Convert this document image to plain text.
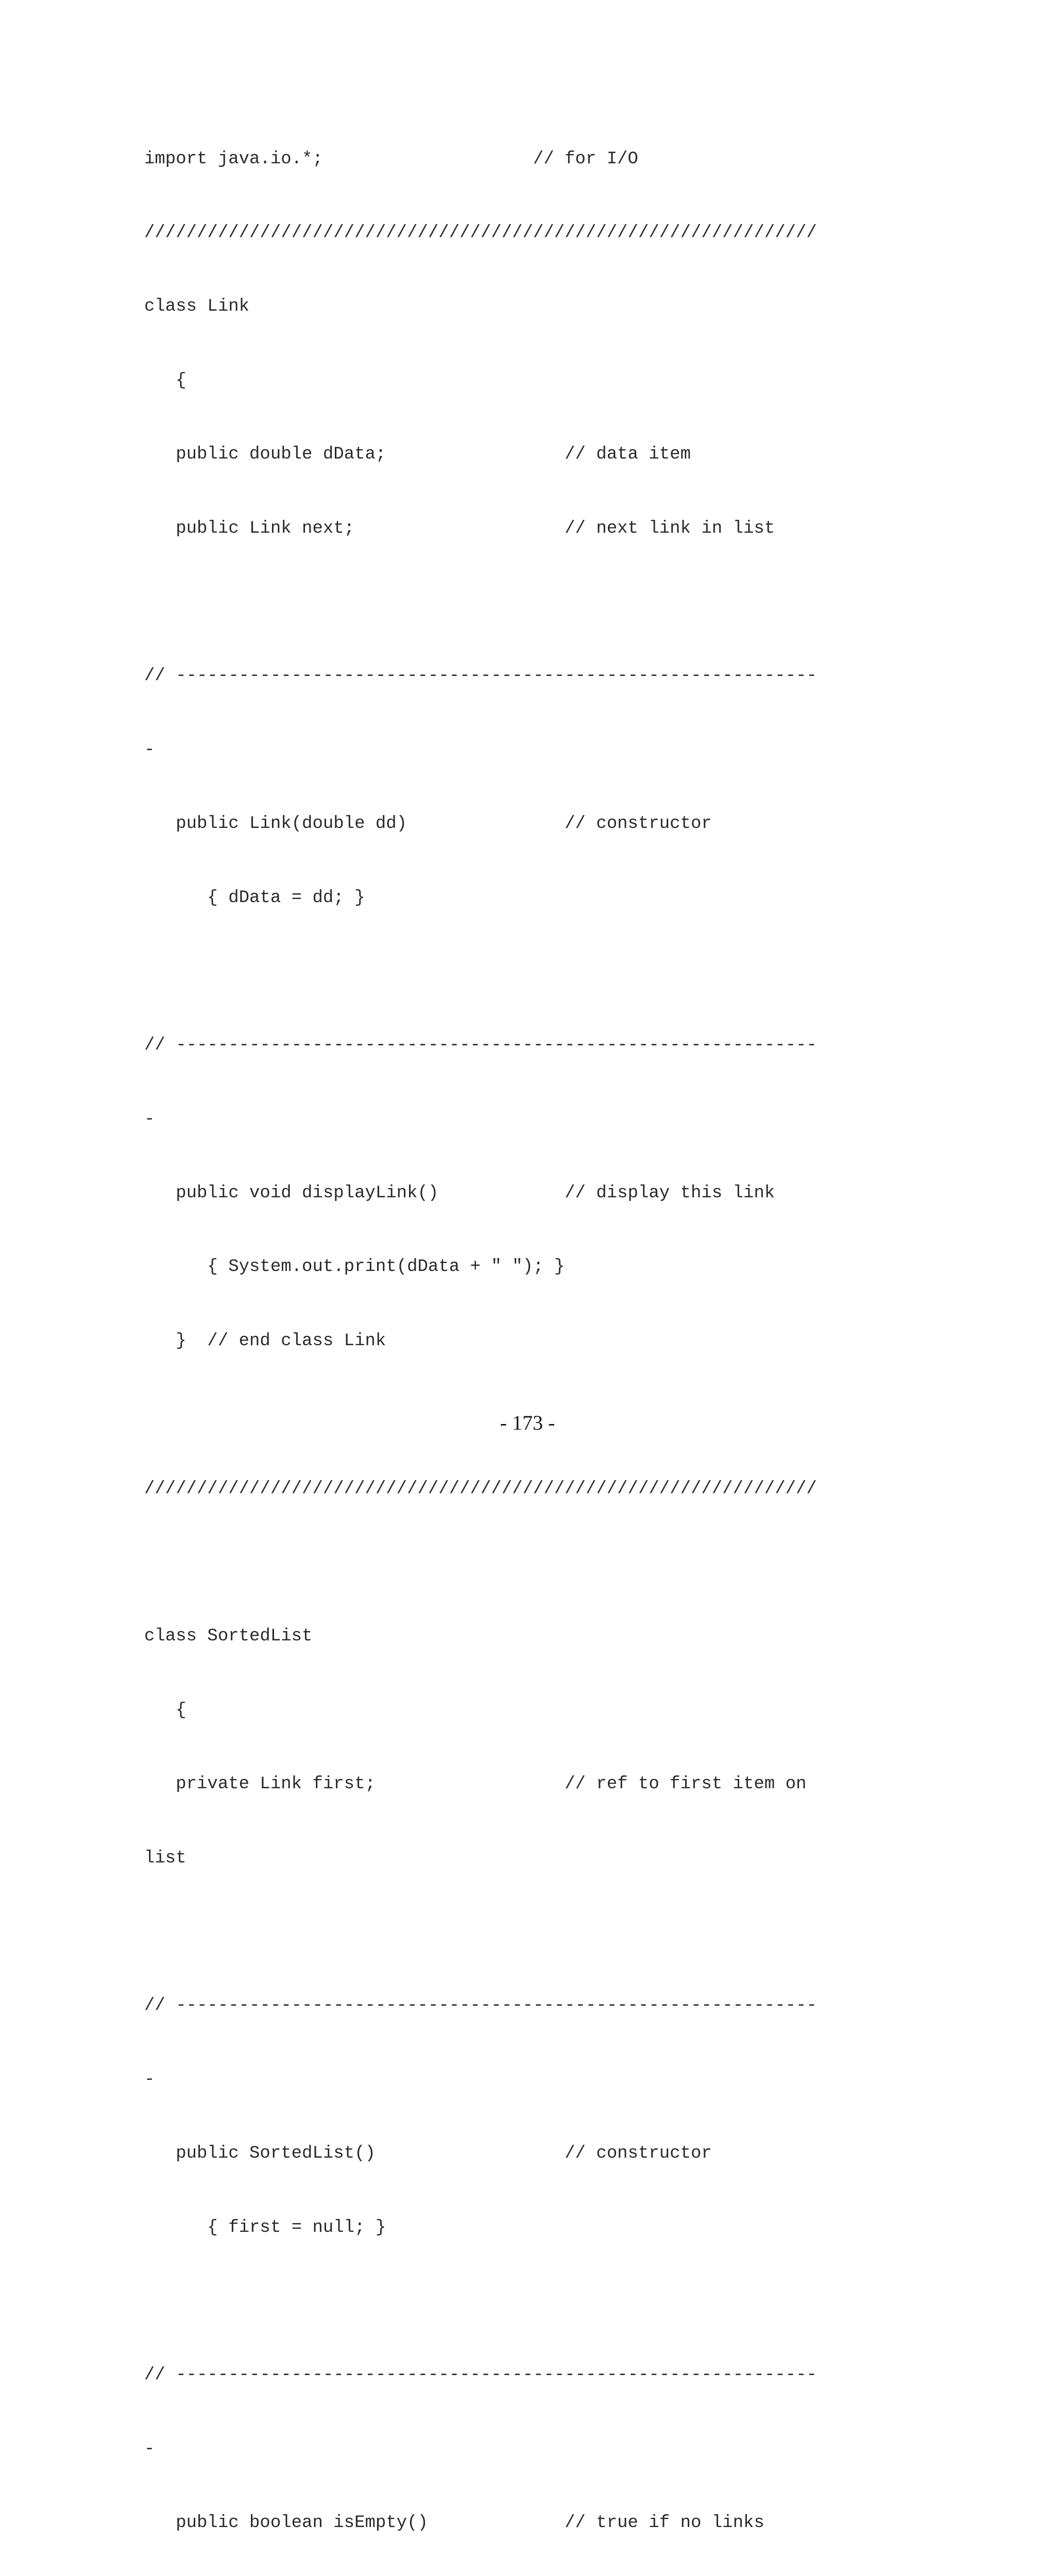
import java.io.*;                    // for I/O

////////////////////////////////////////////////////////////////

class Link

{

public double dData;                 // data item

public Link next;                    // next link in list

// -------------------------------------------------------------

-

public Link(double dd)               // constructor

{ dData = dd; }

// -------------------------------------------------------------

-

public void displayLink()            // display this link

{ System.out.print(dData + " "); }

}  // end class Link

////////////////////////////////////////////////////////////////

class SortedList

{

private Link first;                  // ref to first item on

list

// -------------------------------------------------------------

-

public SortedList()                  // constructor

{ first = null; }

// -------------------------------------------------------------

-

public boolean isEmpty()             // true if no links

- 173 -
